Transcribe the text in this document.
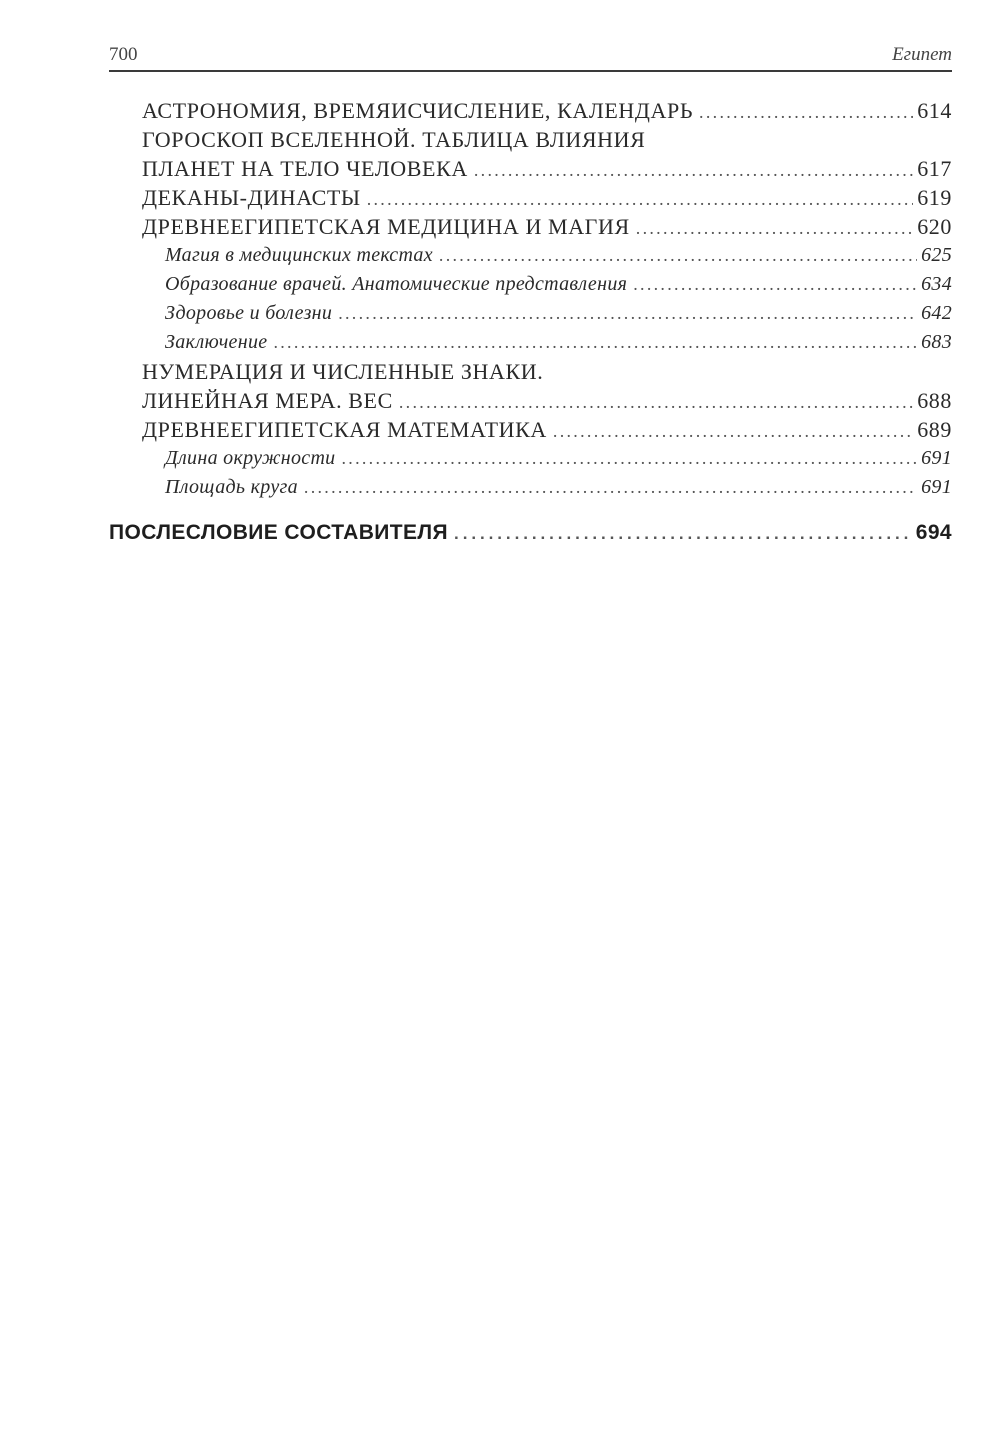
700	Египет
АСТРОНОМИЯ, ВРЕМЯИСЧИСЛЕНИЕ, КАЛЕНДАРЬ . . .	614
ГОРОСКОП ВСЕЛЕННОЙ. ТАБЛИЦА ВЛИЯНИЯ
ПЛАНЕТ НА ТЕЛО ЧЕЛОВЕКА . . .	617
ДЕКАНЫ-ДИНАСТЫ . . .	619
ДРЕВНЕЕГИПЕТСКАЯ МЕДИЦИНА И МАГИЯ . . .	620
Магия в медицинских текстах . . .	625
Образование врачей. Анатомические представления . . .	634
Здоровье и болезни . . .	642
Заключение . . .	683
НУМЕРАЦИЯ И ЧИСЛЕННЫЕ ЗНАКИ.
ЛИНЕЙНАЯ МЕРА. ВЕС . . .	688
ДРЕВНЕЕГИПЕТСКАЯ МАТЕМАТИКА . . .	689
Длина окружности . . .	691
Площадь круга . . .	691
ПОСЛЕСЛОВИЕ СОСТАВИТЕЛЯ . . .	694
